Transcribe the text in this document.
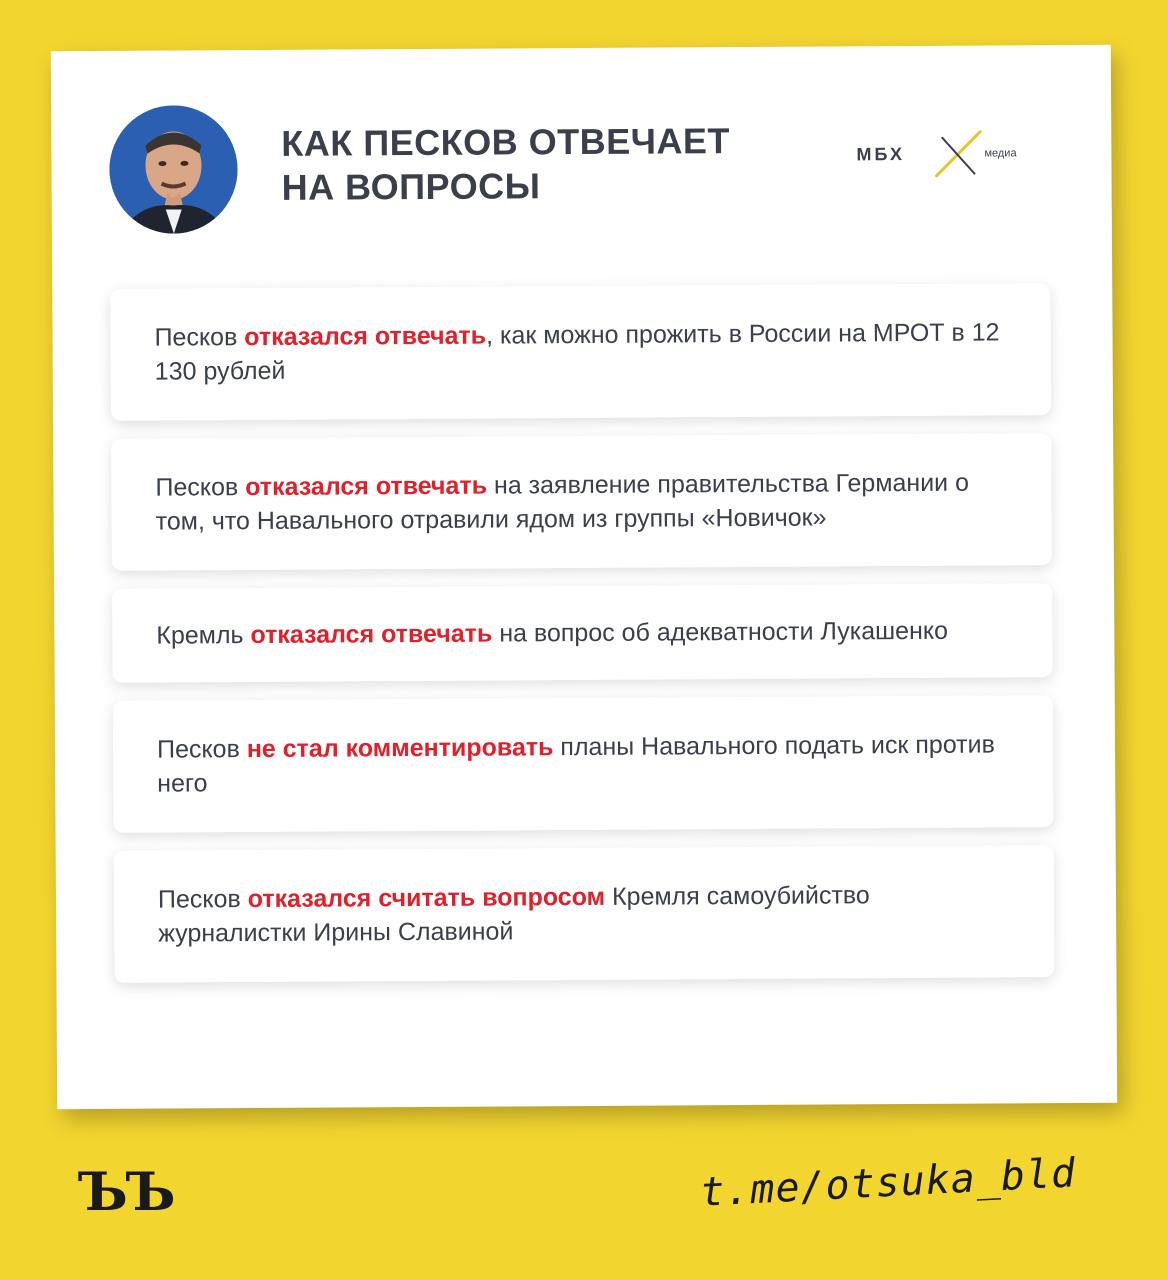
КАК ПЕСКОВ ОТВЕЧАЕТ
НА ВОПРОСЫ
МБХ	медиа
Песков отказался отвечать, как можно прожить в России на МРОТ в 12 130 рублей
Песков отказался отвечать на заявление правительства Германии о том, что Навального отравили ядом из группы «Новичок»
Кремль отказался отвечать на вопрос об адекватности Лукашенко
Песков не стал комментировать планы Навального подать иск против него
Песков отказался считать вопросом Кремля самоубийство журналистки Ирины Славиной
ЪЪ	t.me/otsuka_bld
